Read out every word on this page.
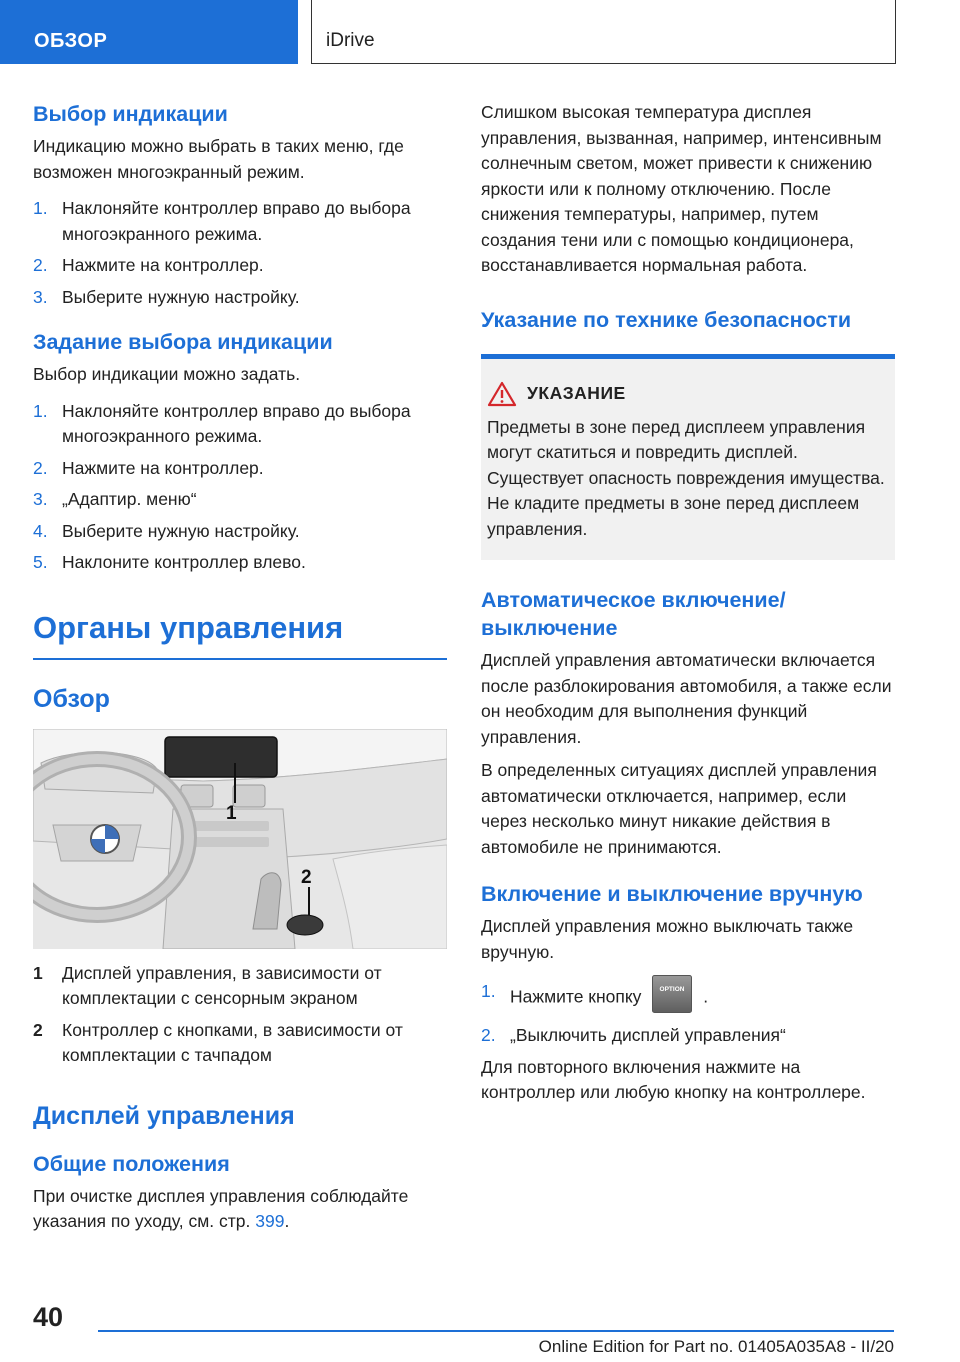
ОБЗОР	iDrive
Выбор индикации

Индикацию можно выбрать в таких меню, где возможен многоэкранный режим.

1. Наклоняйте контроллер вправо до выбора многоэкранного режима.
2. Нажмите на контроллер.
3. Выберите нужную настройку.
Задание выбора индикации

Выбор индикации можно задать.

1. Наклоняйте контроллер вправо до выбора многоэкранного режима.
2. Нажмите на контроллер.
3. „Адаптир. меню“
4. Выберите нужную настройку.
5. Наклоните контроллер влево.
Органы управления
Обзор
1
2
1 Дисплей управления, в зависимости от комплектации с сенсорным экраном
2 Контроллер с кнопками, в зависимости от комплектации с тачпадом
Дисплей управления
Общие положения

При очистке дисплея управления соблюдайте указания по уходу, см. стр. 399.

Слишком высокая температура дисплея управления, вызванная, например, интенсивным солнечным светом, может привести к снижению яркости или к полному отключению. После снижения температуры, например, путем создания тени или с помощью кондиционера, восстанавливается нормальная работа.

Указание по технике безопасности
УКАЗАНИЕ

Предметы в зоне перед дисплеем управления могут скатиться и повредить дисплей. Существует опасность повреждения имущества. Не кладите предметы в зоне перед дисплеем управления.

Автоматическое включение/выключение

Дисплей управления автоматически включается после разблокирования автомобиля, а также если он необходим для выполнения функций управления.

В определенных ситуациях дисплей управления автоматически отключается, например, если через несколько минут никакие действия в автомобиле не принимаются.

Включение и выключение вручную

Дисплей управления можно выключать также вручную.

1. Нажмите кнопку	OPTION .
2. „Выключить дисплей управления“

Для повторного включения нажмите на контроллер или любую кнопку на контроллере.

40
Online Edition for Part no. 01405A035A8 - II/20
